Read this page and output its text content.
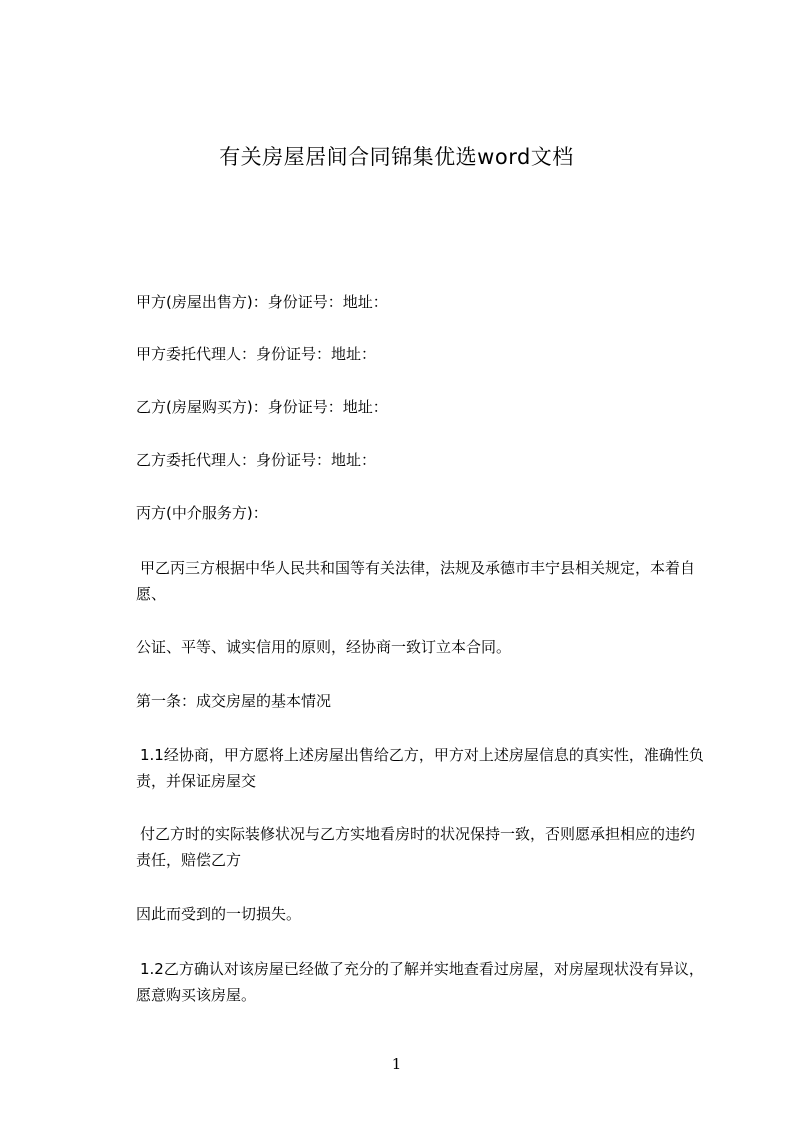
有关房屋居间合同锦集优选word文档

甲方(房屋出售方)：身份证号：地址：

甲方委托代理人：身份证号：地址：

乙方(房屋购买方)：身份证号：地址：

乙方委托代理人：身份证号：地址：

丙方(中介服务方)：

甲乙丙三方根据中华人民共和国等有关法律，法规及承德市丰宁县相关规定，本着自愿、

公证、平等、诚实信用的原则，经协商一致订立本合同。

第一条：成交房屋的基本情况

1.1经协商，甲方愿将上述房屋出售给乙方，甲方对上述房屋信息的真实性，准确性负责，并保证房屋交

付乙方时的实际装修状况与乙方实地看房时的状况保持一致，否则愿承担相应的违约责任，赔偿乙方

因此而受到的一切损失。

1.2乙方确认对该房屋已经做了充分的了解并实地查看过房屋，对房屋现状没有异议，愿意购买该房屋。

1
